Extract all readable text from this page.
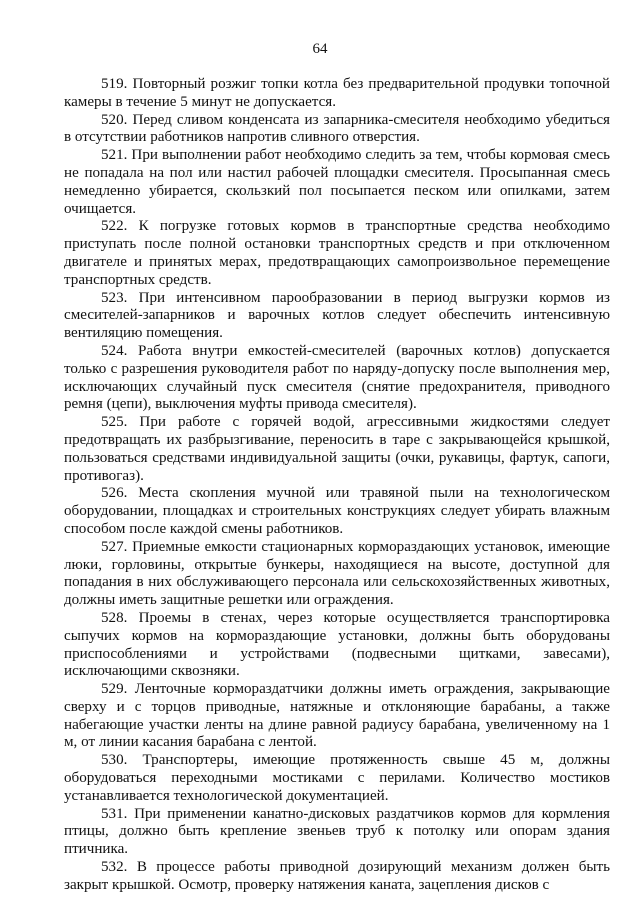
64

519. Повторный розжиг топки котла без предварительной продувки топочной камеры в течение 5 минут не допускается.

520. Перед сливом конденсата из запарника-смесителя необходимо убедиться в отсутствии работников напротив сливного отверстия.

521. При выполнении работ необходимо следить за тем, чтобы кормовая смесь не попадала на пол или настил рабочей площадки смесителя. Просыпанная смесь немедленно убирается, скользкий пол посыпается песком или опилками, затем очищается.

522. К погрузке готовых кормов в транспортные средства необходимо приступать после полной остановки транспортных средств и при отключенном двигателе и принятых мерах, предотвращающих самопроизвольное перемещение транспортных средств.

523. При интенсивном парообразовании в период выгрузки кормов из смесителей-запарников и варочных котлов следует обеспечить интенсивную вентиляцию помещения.

524. Работа внутри емкостей-смесителей (варочных котлов) допускается только с разрешения руководителя работ по наряду-допуску после выполнения мер, исключающих случайный пуск смесителя (снятие предохранителя, приводного ремня (цепи), выключения муфты привода смесителя).

525. При работе с горячей водой, агрессивными жидкостями следует предотвращать их разбрызгивание, переносить в таре с закрывающейся крышкой, пользоваться средствами индивидуальной защиты (очки, рукавицы, фартук, сапоги, противогаз).

526. Места скопления мучной или травяной пыли на технологическом оборудовании, площадках и строительных конструкциях следует убирать влажным способом после каждой смены работников.

527. Приемные емкости стационарных кормораздающих установок, имеющие люки, горловины, открытые бункеры, находящиеся на высоте, доступной для попадания в них обслуживающего персонала или сельскохозяйственных животных, должны иметь защитные решетки или ограждения.

528. Проемы в стенах, через которые осуществляется транспортировка сыпучих кормов на кормораздающие установки, должны быть оборудованы приспособлениями и устройствами (подвесными щитками, завесами), исключающими сквозняки.

529. Ленточные кормораздатчики должны иметь ограждения, закрывающие сверху и с торцов приводные, натяжные и отклоняющие барабаны, а также набегающие участки ленты на длине равной радиусу барабана, увеличенному на 1 м, от линии касания барабана с лентой.

530. Транспортеры, имеющие протяженность свыше 45 м, должны оборудоваться переходными мостиками с перилами. Количество мостиков устанавливается технологической документацией.

531. При применении канатно-дисковых раздатчиков кормов для кормления птицы, должно быть крепление звеньев труб к потолку или опорам здания птичника.

532. В процессе работы приводной дозирующий механизм должен быть закрыт крышкой. Осмотр, проверку натяжения каната, зацепления дисков с
